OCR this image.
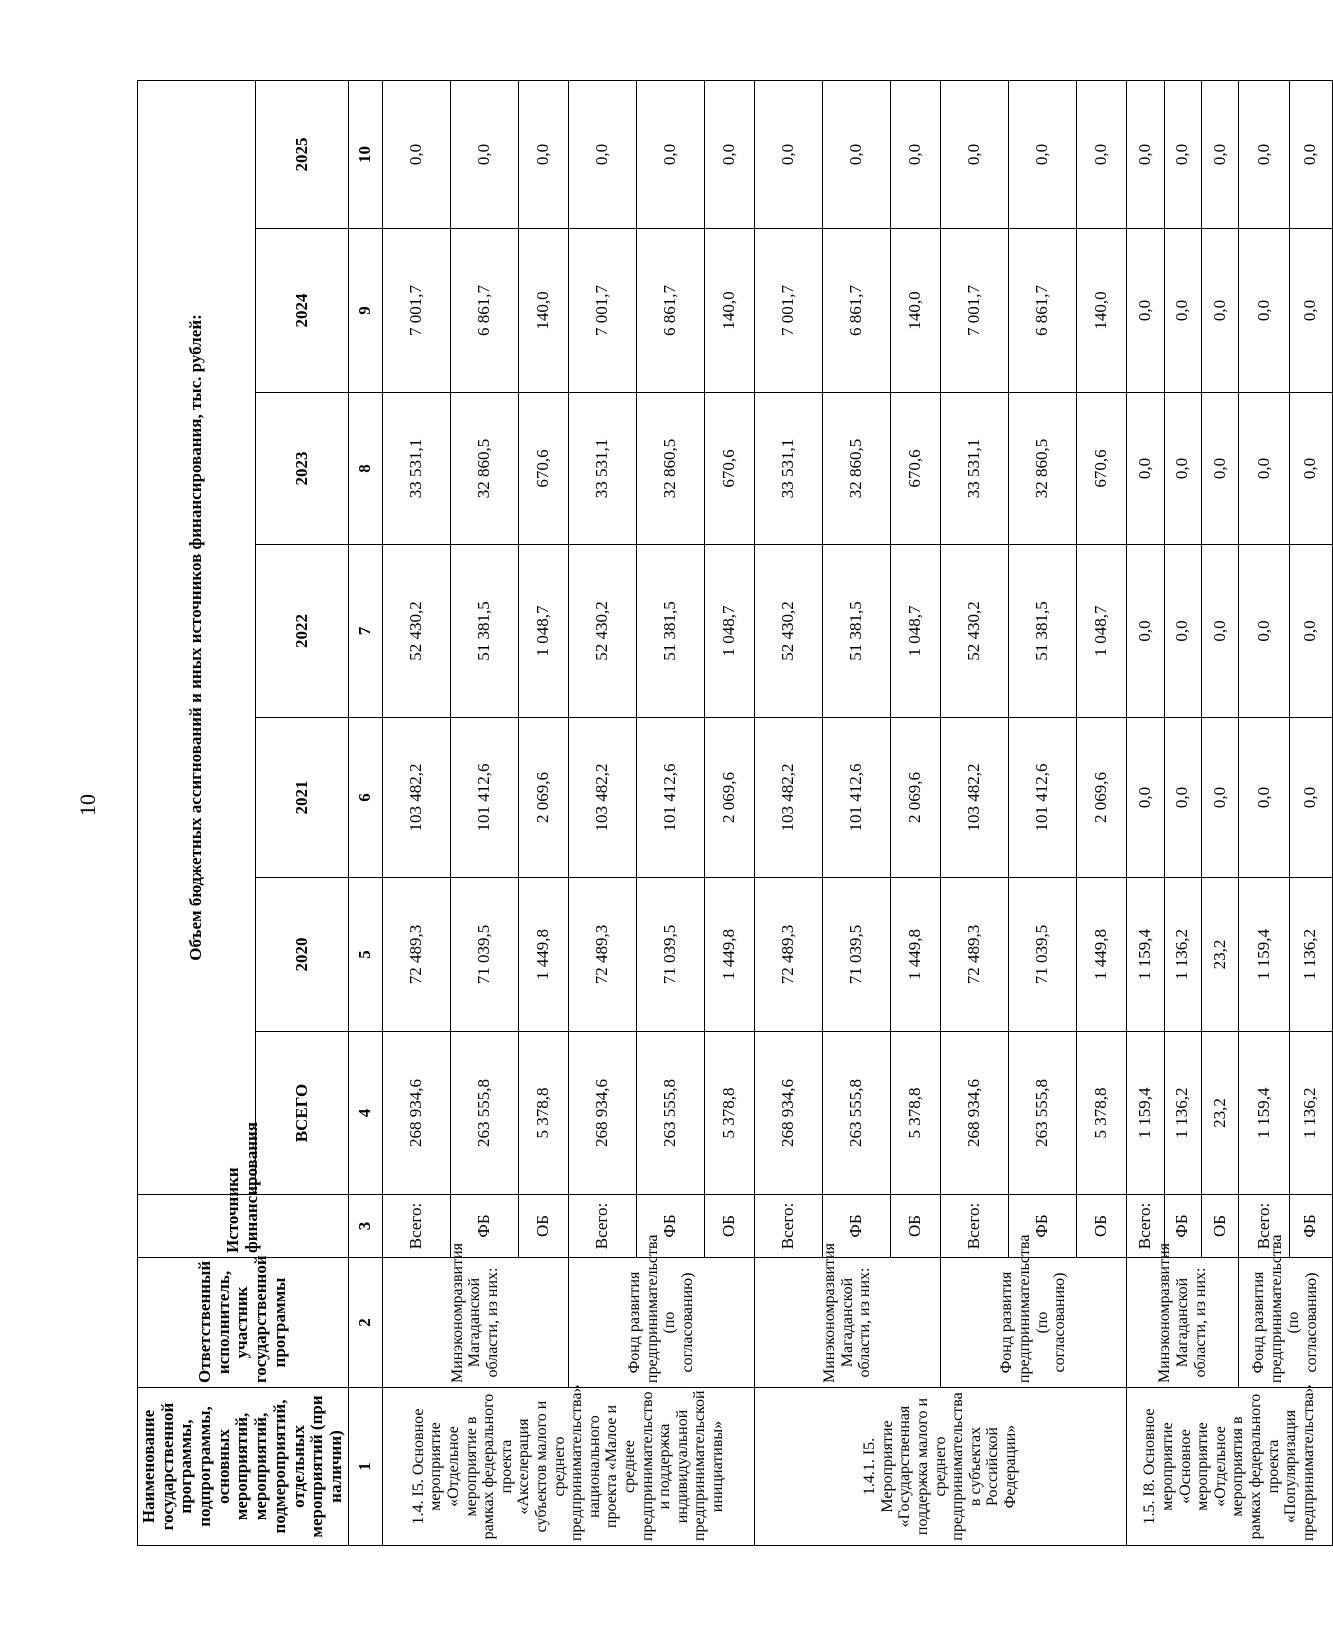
10
Наименование государственной программы, подпрограммы, основных мероприятий, мероприятий, подмероприятий, отдельных мероприятий (при наличии)	Ответственный исполнитель, участник государственной программы	Источники финансирования	Объем бюджетных ассигнований и иных источников финансирования, тыс. рублей:						
			ВСЕГО	2020	2021	2022	2023	2024	2025
1	2	3	4	5	6	7	8	9	10
1.4. I5. Основное мероприятие «Отдельное мероприятие в рамках федерального проекта «Акселерация субъектов малого и среднего предпринимательства» национального проекта «Малое и среднее предпринимательство и поддержка индивидуальной предпринимательской инициативы»	Минэкономразвития Магаданской области, из них:	Всего:	268 934,6	72 489,3	103 482,2	52 430,2	33 531,1	7 001,7	0,0
		ФБ	263 555,8	71 039,5	101 412,6	51 381,5	32 860,5	6 861,7	0,0
		ОБ	5 378,8	1 449,8	2 069,6	1 048,7	670,6	140,0	0,0
	Фонд развития предпринимательства (по согласованию)	Всего:	268 934,6	72 489,3	103 482,2	52 430,2	33 531,1	7 001,7	0,0
		ФБ	263 555,8	71 039,5	101 412,6	51 381,5	32 860,5	6 861,7	0,0
		ОБ	5 378,8	1 449,8	2 069,6	1 048,7	670,6	140,0	0,0
1.4.1. I5. Мероприятие «Государственная поддержка малого и среднего предпринимательства в субъектах Российской Федерации»	Минэкономразвития Магаданской области, из них:	Всего:	268 934,6	72 489,3	103 482,2	52 430,2	33 531,1	7 001,7	0,0
		ФБ	263 555,8	71 039,5	101 412,6	51 381,5	32 860,5	6 861,7	0,0
		ОБ	5 378,8	1 449,8	2 069,6	1 048,7	670,6	140,0	0,0
	Фонд развития предпринимательства (по согласованию)	Всего:	268 934,6	72 489,3	103 482,2	52 430,2	33 531,1	7 001,7	0,0
		ФБ	263 555,8	71 039,5	101 412,6	51 381,5	32 860,5	6 861,7	0,0
		ОБ	5 378,8	1 449,8	2 069,6	1 048,7	670,6	140,0	0,0
1.5. I8. Основное мероприятие «Основное мероприятие «Отдельное мероприятия в рамках федерального проекта «Популяризация предпринимательства»	Минэкономразвития Магаданской области, из них:	Всего:	1 159,4	1 159,4	0,0	0,0	0,0	0,0	0,0
		ФБ	1 136,2	1 136,2	0,0	0,0	0,0	0,0	0,0
		ОБ	23,2	23,2	0,0	0,0	0,0	0,0	0,0
	Фонд развития предпринимательства (по согласованию)	Всего:	1 159,4	1 159,4	0,0	0,0	0,0	0,0	0,0
		ФБ	1 136,2	1 136,2	0,0	0,0	0,0	0,0	0,0
